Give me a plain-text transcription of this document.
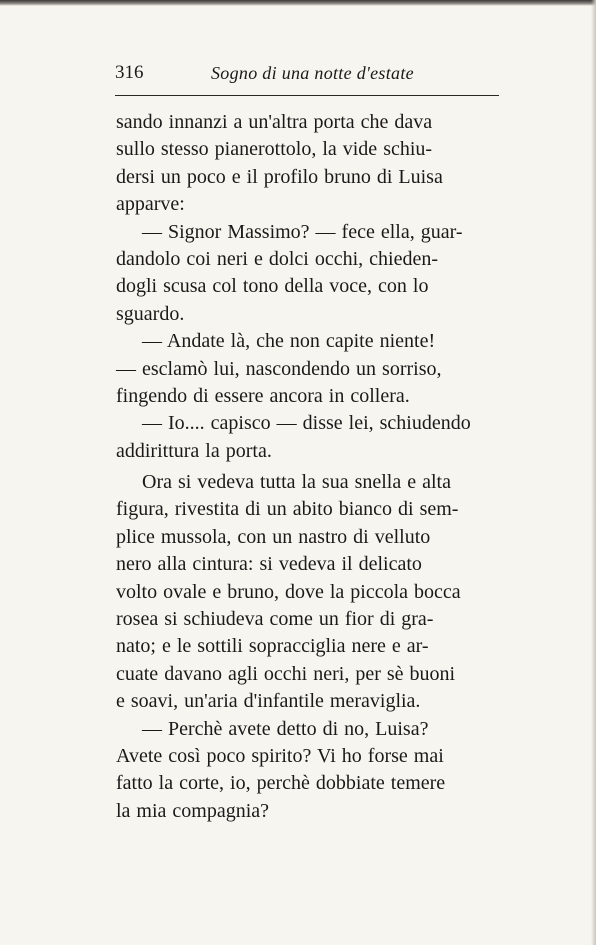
316	Sogno di una notte d'estate
sando innanzi a un'altra porta che dava
sullo stesso pianerottolo, la vide schiu-
dersi un poco e il profilo bruno di Luisa
apparve:
— Signor Massimo? — fece ella, guar-
dandolo coi neri e dolci occhi, chieden-
dogli scusa col tono della voce, con lo
sguardo.
— Andate là, che non capite niente!
— esclamò lui, nascondendo un sorriso,
fingendo di essere ancora in collera.
— Io.... capisco — disse lei, schiudendo
addirittura la porta.
Ora si vedeva tutta la sua snella e alta
figura, rivestita di un abito bianco di sem-
plice mussola, con un nastro di velluto
nero alla cintura: si vedeva il delicato
volto ovale e bruno, dove la piccola bocca
rosea si schiudeva come un fior di gra-
nato; e le sottili sopracciglia nere e ar-
cuate davano agli occhi neri, per sè buoni
e soavi, un'aria d'infantile meraviglia.
— Perchè avete detto di no, Luisa?
Avete così poco spirito? Vi ho forse mai
fatto la corte, io, perchè dobbiate temere
la mia compagnia?
